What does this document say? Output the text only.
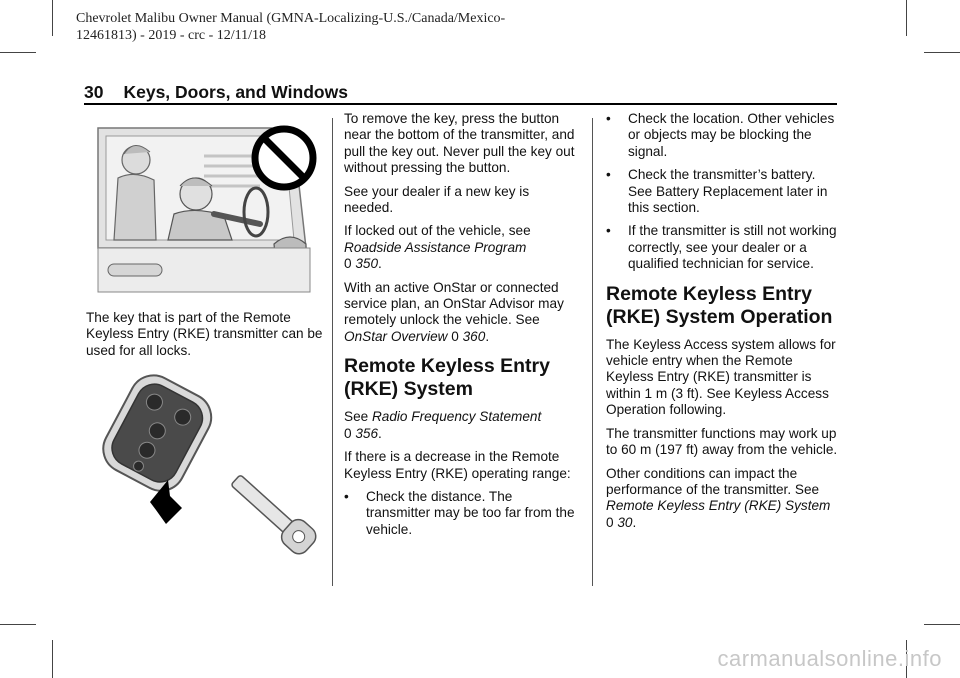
Chevrolet Malibu Owner Manual (GMNA-Localizing-U.S./Canada/Mexico-
12461813) - 2019 - crc - 12/11/18
30 Keys, Doors, and Windows

The key that is part of the Remote Keyless Entry (RKE) transmitter can be used for all locks.

To remove the key, press the button near the bottom of the transmitter, and pull the key out. Never pull the key out without pressing the button.

See your dealer if a new key is needed.

If locked out of the vehicle, see
Roadside Assistance Program
0 350.

With an active OnStar or connected service plan, an OnStar Advisor may remotely unlock the vehicle. See OnStar Overview 0 360.

Remote Keyless Entry
(RKE) System

See Radio Frequency Statement
0 356.

If there is a decrease in the Remote Keyless Entry (RKE) operating range:

•	Check the distance. The transmitter may be too far from the vehicle.
•	Check the location. Other vehicles or objects may be blocking the signal.
•	Check the transmitter’s battery. See Battery Replacement later in this section.
•	If the transmitter is still not working correctly, see your dealer or a qualified technician for service.
Remote Keyless Entry
(RKE) System Operation

The Keyless Access system allows for vehicle entry when the Remote Keyless Entry (RKE) transmitter is within 1 m (3 ft). See Keyless Access Operation following.

The transmitter functions may work up to 60 m (197 ft) away from the vehicle.

Other conditions can impact the performance of the transmitter. See Remote Keyless Entry (RKE) System 0 30.

carmanualsonline.info
